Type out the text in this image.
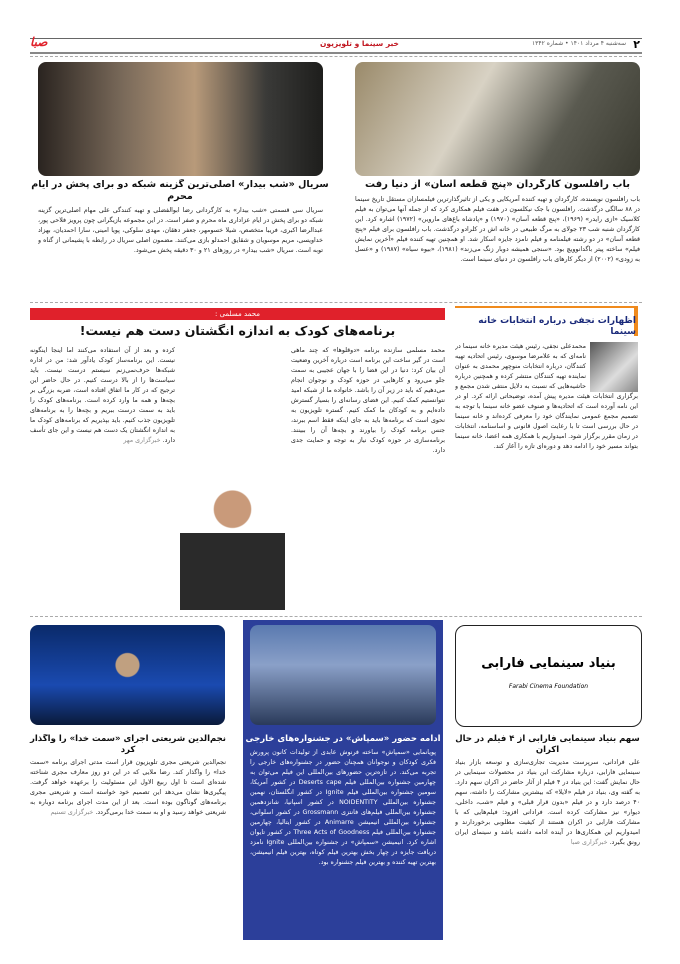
۲
سه‌شنبه ۴ مرداد ۱۴۰۱ • شماره ۱۳۴۲
خبر سینما و تلویزیون
صبا
باب رافلسون کارگردان «پنج قطعه آسان» از دنیا رفت
باب رافلسون نویسنده، کارگردان و تهیه کننده آمریکایی و یکی از تاثیرگذارترین فیلمسازان مستقل تاریخ سینما در ۸۸ سالگی درگذشت. رافلسون با جک نیکلسون در هفت فیلم همکاری کرد که از جمله آنها می‌توان به فیلم کلاسیک «ازی رایدر» (۱۹۶۹)، «پنج قطعه آسان» (۱۹۷۰) و «پادشاه باغ‌های ماروین» (۱۹۷۲) اشاره کرد. این کارگردان شنبه شب ۲۳ جولای به مرگ طبیعی در خانه اش در کلرادو درگذشت. باب رافلسون برای فیلم «پنج قطعه آسان» در دو رشته فیلمنامه و فیلم نامزد جایزه اسکار شد. او همچنین تهیه کننده فیلم «آخرین نمایش فیلم» ساخته پیتر باگدانوویچ بود. «سنجی همیشه دوبار زنگ می‌زند» (۱۹۸۱)، «بیوه سیاه» (۱۹۸۷) و «عسل به زودی» (۲۰۰۲) از دیگر کارهای باب رافلسون در دنیای سینما است.
سریال «شب بیدار» اصلی‌ترین گزینه شبکه دو برای پخش در ایام محرم
سریال سی قسمتی «شب بیدار» به کارگردانی رضا ابوالفضلی و تهیه کنندگی علی مهام اصلی‌ترین گزینه شبکه دو برای پخش در ایام عزاداری ماه محرم و صفر است. در این مجموعه بازیگرانی چون پرویز فلاحی پور، عبدالرضا اکبری، فریبا متخصص، شیلا خسومهر، جعفر دهقان، مهدی سلوکی، پویا امینی، سارا احمدیان، بهزاد خداویسی، مریم موسویان و شقایق احمدلو بازی می‌کنند. مضمون اصلی سریال در رابطه با پشیمانی از گناه و توبه است. سریال «شب بیدار» در روزهای ۲۱ و ۳۰ دقیقه پخش می‌شود.
اظهارات نجفی درباره انتخابات خانه سینما
محمدعلی نجفی، رئیس هیئت مدیره خانه سینما در نامه‌ای که به غلامرضا موسوی، رئیس اتحادیه تهیه کنندگان، درباره انتخابات منوچهر محمدی به عنوان نماینده تهیه کنندگان منتشر کرده و همچنین درباره حاشیه‌هایی که نسبت به دلایل منتفی شدن مجمع و برگزاری انتخابات هیئت مدیره پیش آمده، توضیحاتی ارائه کرد. او در این نامه آورده است که اتحادیه‌ها و صنوف عضو خانه سینما با توجه به تصمیم مجمع عمومی نمایندگان خود را معرفی کرده‌اند و خانه سینما در حال بررسی است تا با رعایت اصول قانونی و اساسنامه، انتخابات در زمان مقرر برگزار شود. امیدواریم با همکاری همه اعضا، خانه سینما بتواند مسیر خود را ادامه دهد و دوره‌ای تازه را آغاز کند.
محمد مسلمی :
برنامه‌های کودک به اندازه انگشتان دست هم نیست!
محمد مسلمی سازنده برنامه «دوقلوها» که چند ماهی است در گیر ساخت این برنامه است درباره آخرین وضعیت آن بیان کرد: دنیا در این فضا را با جهان عجیبی به سمت جلو می‌رود و کارهایی در حوزه کودک و نوجوان انجام می‌دهیم که باید در زیر آن را باشد. خانواده ما از شبکه امید نتوانستیم کمک کنیم. این فضای رسانه‌ای را بسیار گسترش داده‌ایم و به کودکان ما کمک کنیم. گستره تلویزیون به‌ نحوی است که برنامه‌ها باید به جای اینکه فقط اسم ببرند، جنس برنامه کودک را بیاورند و بچه‌ها آن را ببینند. برنامه‌سازی در حوزه کودک نیاز به توجه و حمایت جدی دارد.
کرده و بعد از آن استفاده می‌کنند اما اینجا اینگونه نیست. این برنامه‌ساز کودک یادآور شد: من در اداره شبکه‌ها حرف‌نمی‌زنم سیستم درست نیست. باید سیاست‌ها را از بالا درست کنیم. در حال حاضر این ترجیح که در کار ما اتفاق افتاده است، ضربه بزرگی بر بچه‌ها و همه ما وارد کرده است. برنامه‌های کودک را باید به سمت درست ببریم و بچه‌ها را به برنامه‌های تلویزیون جذب کنیم. باید بپذیریم که برنامه‌های کودک ما به اندازه انگشتان یک دست هم نیست و این جای تأسف دارد. خبرگزاری مهر
نجم‌الدین شریعتی اجرای «سمت خدا» را واگذار کرد
نجم‌الدین شریعتی مجری تلویزیون قرار است مدتی اجرای برنامه «سمت خدا» را واگذار کند. رضا ملایی که در این دو روز معارف مجری شناخته شده‌ای است تا اول ربیع الاول این مسئولیت را برعهده خواهد گرفت. پیگیری‌ها نشان می‌دهد این تصمیم خود خواسته است و شریعتی مجری برنامه‌های گوناگون بوده است. بعد از این مدت اجرای برنامه دوباره به شریعتی خواهد رسید و او به سمت خدا برمی‌گردد. خبرگزاری تسنیم
ادامه حضور «سمپاش» در جشنواره‌های خارجی
پویانمایی «سمپاش» ساخته فرنوش عابدی از تولیدات کانون پرورش فکری کودکان و نوجوانان همچنان حضور در جشنواره‌های خارجی را تجربه می‌کند. در تازه‌ترین حضورهای بین‌المللی این فیلم می‌توان به چهارمین جشنواره بین‌المللی فیلم Deserts cape در کشور آمریکا، سومین جشنواره بین‌المللی فیلم Ignite در کشور انگلستان، نهمین جشنواره بین‌المللی NOIDENTITY در کشور اسپانیا، شانزدهمین جشنواره بین‌المللی فیلم‌های فانتزی Grossmann در کشور اسلوانی، جشنواره بین‌المللی انیمیشن Animarre در کشور ایتالیا، چهارمین جشنواره بین‌المللی فیلم Three Acts of Goodness در کشور تایوان اشاره کرد. انیمیشن «سمپاش» در جشنواره بین‌المللی Ignite نامزد دریافت جایزه در چهار بخش بهترین فیلم کوتاه، بهترین فیلم انیمیشن، بهترین تهیه کننده و بهترین فیلم جشنواره بود.
بنیاد سینمایی فارابی
Farabi Cinema Foundation
سهم بنیاد سینمایی فارابی از ۴ فیلم در حال اکران
علی فرادانی، سرپرست مدیریت تجاری‌سازی و توسعه بازار بنیاد سینمایی فارابی، درباره مشارکت این بنیاد در محصولات سینمایی در حال نمایش گفت: این بنیاد در ۴ فیلم از آثار حاضر در اکران سهم دارد. به گفته وی، بنیاد در فیلم «لایلا» که بیشترین مشارکت را داشته، سهم ۴۰ درصد دارد و در فیلم «بدون قرار قبلی» و فیلم «شب، داخلی، دیوار» نیز مشارکت کرده است. فرادانی افزود: فیلم‌هایی که با مشارکت فارابی در اکران هستند از کیفیت مطلوبی برخوردارند و امیدواریم این همکاری‌ها در آینده ادامه داشته باشد و سینمای ایران رونق بگیرد. خبرگزاری صبا
